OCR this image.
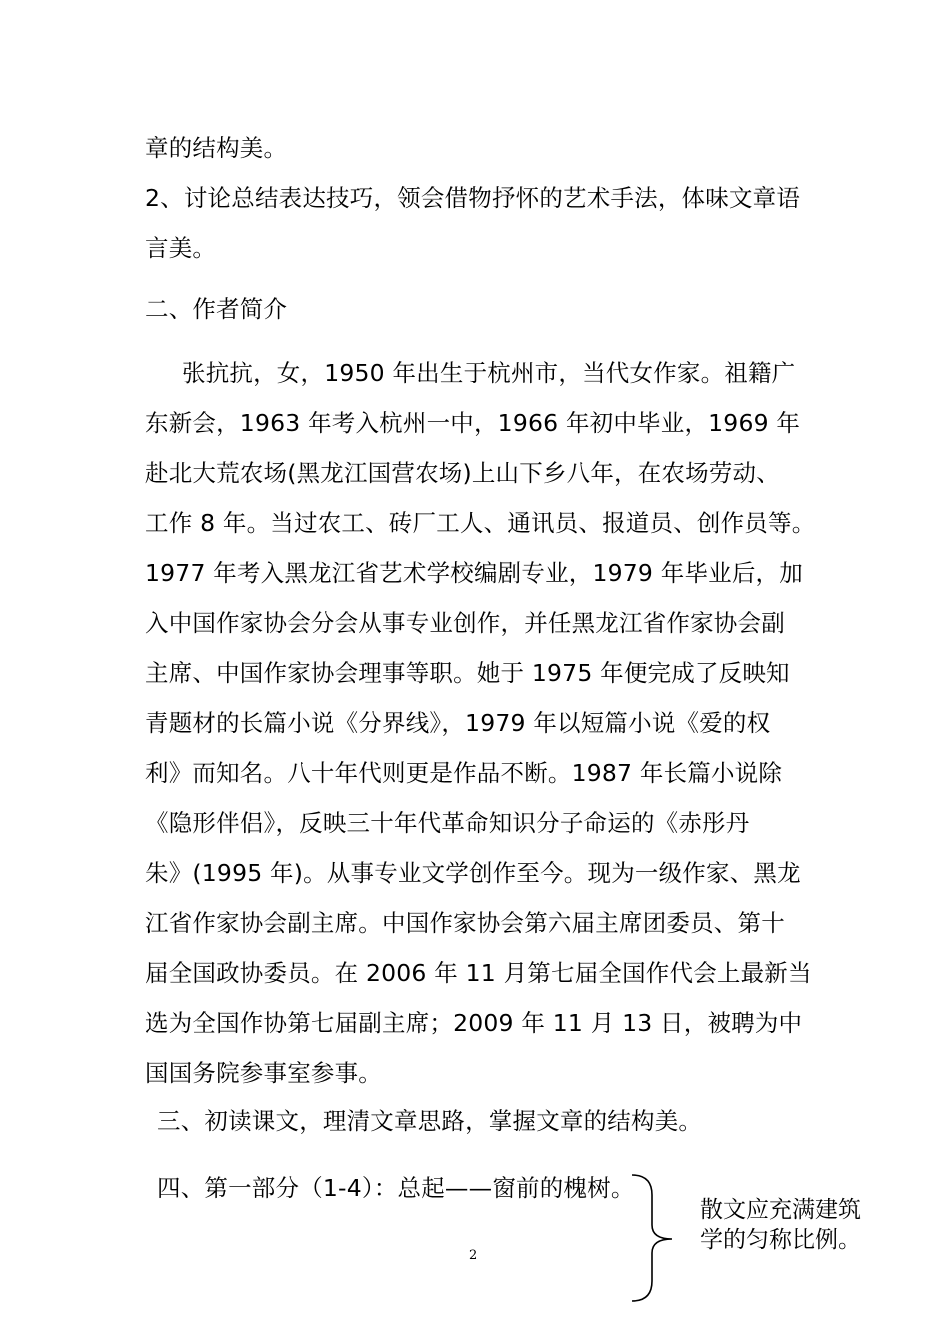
章的结构美。
2、讨论总结表达技巧，领会借物抒怀的艺术手法，体味文章语
言美。
二、作者简介
张抗抗，女，1950 年出生于杭州市，当代女作家。祖籍广
东新会，1963 年考入杭州一中，1966 年初中毕业，1969 年
赴北大荒农场(黑龙江国营农场)上山下乡八年，在农场劳动、
工作 8 年。当过农工、砖厂工人、通讯员、报道员、创作员等。
1977 年考入黑龙江省艺术学校编剧专业，1979 年毕业后，加
入中国作家协会分会从事专业创作，并任黑龙江省作家协会副
主席、中国作家协会理事等职。她于 1975 年便完成了反映知
青题材的长篇小说《分界线》，1979 年以短篇小说《爱的权
利》而知名。八十年代则更是作品不断。1987 年长篇小说除
《隐形伴侣》，反映三十年代革命知识分子命运的《赤彤丹
朱》(1995 年)。从事专业文学创作至今。现为一级作家、黑龙
江省作家协会副主席。中国作家协会第六届主席团委员、第十
届全国政协委员。在 2006 年 11 月第七届全国作代会上最新当
选为全国作协第七届副主席；2009 年 11 月 13 日，被聘为中
国国务院参事室参事。
三、初读课文，理清文章思路，掌握文章的结构美。
四、第一部分（1-4）：总起——窗前的槐树。
散文应充满建筑
学的匀称比例。
2
